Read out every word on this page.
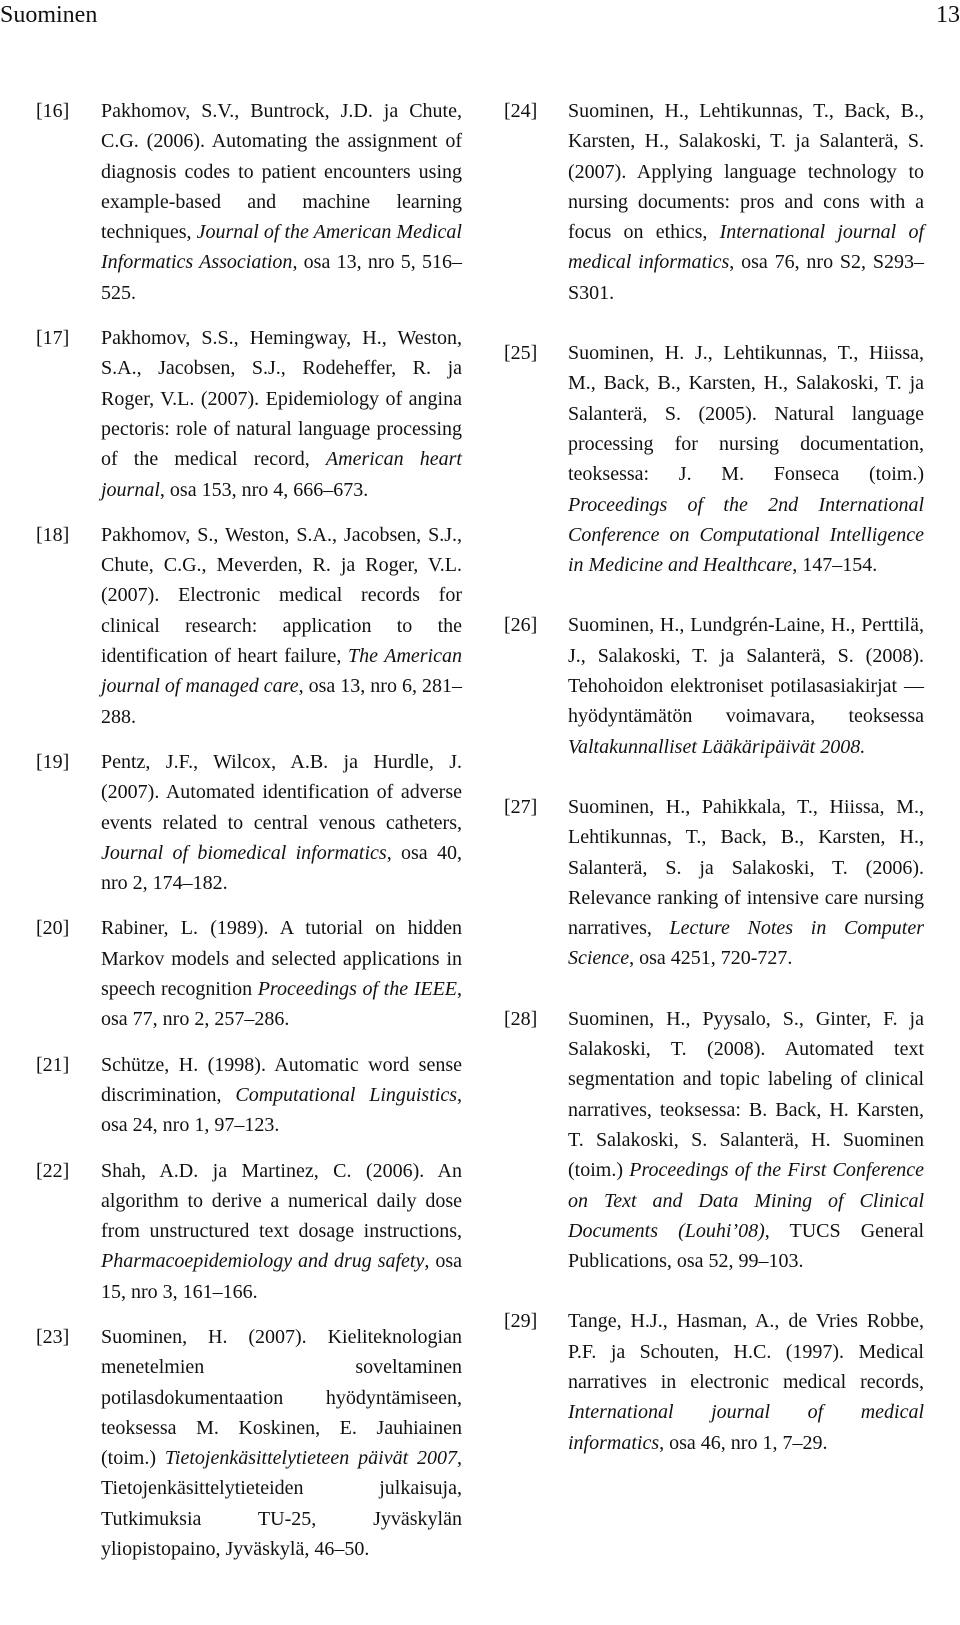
Suominen	13
[16] Pakhomov, S.V., Buntrock, J.D. ja Chute, C.G. (2006). Automating the assignment of diagnosis codes to patient encounters using example-based and machine learning techniques, Journal of the American Medical Informatics Association, osa 13, nro 5, 516–525.
[17] Pakhomov, S.S., Hemingway, H., Weston, S.A., Jacobsen, S.J., Rodeheffer, R. ja Roger, V.L. (2007). Epidemiology of angina pectoris: role of natural language processing of the medical record, American heart journal, osa 153, nro 4, 666–673.
[18] Pakhomov, S., Weston, S.A., Jacobsen, S.J., Chute, C.G., Meverden, R. ja Roger, V.L. (2007). Electronic medical records for clinical research: application to the identification of heart failure, The American journal of managed care, osa 13, nro 6, 281–288.
[19] Pentz, J.F., Wilcox, A.B. ja Hurdle, J. (2007). Automated identification of adverse events related to central venous catheters, Journal of biomedical informatics, osa 40, nro 2, 174–182.
[20] Rabiner, L. (1989). A tutorial on hidden Markov models and selected applications in speech recognition Proceedings of the IEEE, osa 77, nro 2, 257–286.
[21] Schütze, H. (1998). Automatic word sense discrimination, Computational Linguistics, osa 24, nro 1, 97–123.
[22] Shah, A.D. ja Martinez, C. (2006). An algorithm to derive a numerical daily dose from unstructured text dosage instructions, Pharmacoepidemiology and drug safety, osa 15, nro 3, 161–166.
[23] Suominen, H. (2007). Kieliteknologian menetelmien soveltaminen potilasdokumentaation hyödyntämiseen, teoksessa M. Koskinen, E. Jauhiainen (toim.) Tietojenkäsittelytieteen päivät 2007, Tietojenkäsittelytieteiden julkaisuja, Tutkimuksia TU-25, Jyväskylän yliopistopaino, Jyväskylä, 46–50.
[24] Suominen, H., Lehtikunnas, T., Back, B., Karsten, H., Salakoski, T. ja Salanterä, S. (2007). Applying language technology to nursing documents: pros and cons with a focus on ethics, International journal of medical informatics, osa 76, nro S2, S293–S301.
[25] Suominen, H. J., Lehtikunnas, T., Hiissa, M., Back, B., Karsten, H., Salakoski, T. ja Salanterä, S. (2005). Natural language processing for nursing documentation, teoksessa: J. M. Fonseca (toim.) Proceedings of the 2nd International Conference on Computational Intelligence in Medicine and Healthcare, 147–154.
[26] Suominen, H., Lundgrén-Laine, H., Perttilä, J., Salakoski, T. ja Salanterä, S. (2008). Tehohoidon elektroniset potilasasiakirjat — hyödyntämätön voimavara, teoksessa Valtakunnalliset Lääkäripäivät 2008.
[27] Suominen, H., Pahikkala, T., Hiissa, M., Lehtikunnas, T., Back, B., Karsten, H., Salanterä, S. ja Salakoski, T. (2006). Relevance ranking of intensive care nursing narratives, Lecture Notes in Computer Science, osa 4251, 720-727.
[28] Suominen, H., Pyysalo, S., Ginter, F. ja Salakoski, T. (2008). Automated text segmentation and topic labeling of clinical narratives, teoksessa: B. Back, H. Karsten, T. Salakoski, S. Salanterä, H. Suominen (toim.) Proceedings of the First Conference on Text and Data Mining of Clinical Documents (Louhi’08), TUCS General Publications, osa 52, 99–103.
[29] Tange, H.J., Hasman, A., de Vries Robbe, P.F. ja Schouten, H.C. (1997). Medical narratives in electronic medical records, International journal of medical informatics, osa 46, nro 1, 7–29.
